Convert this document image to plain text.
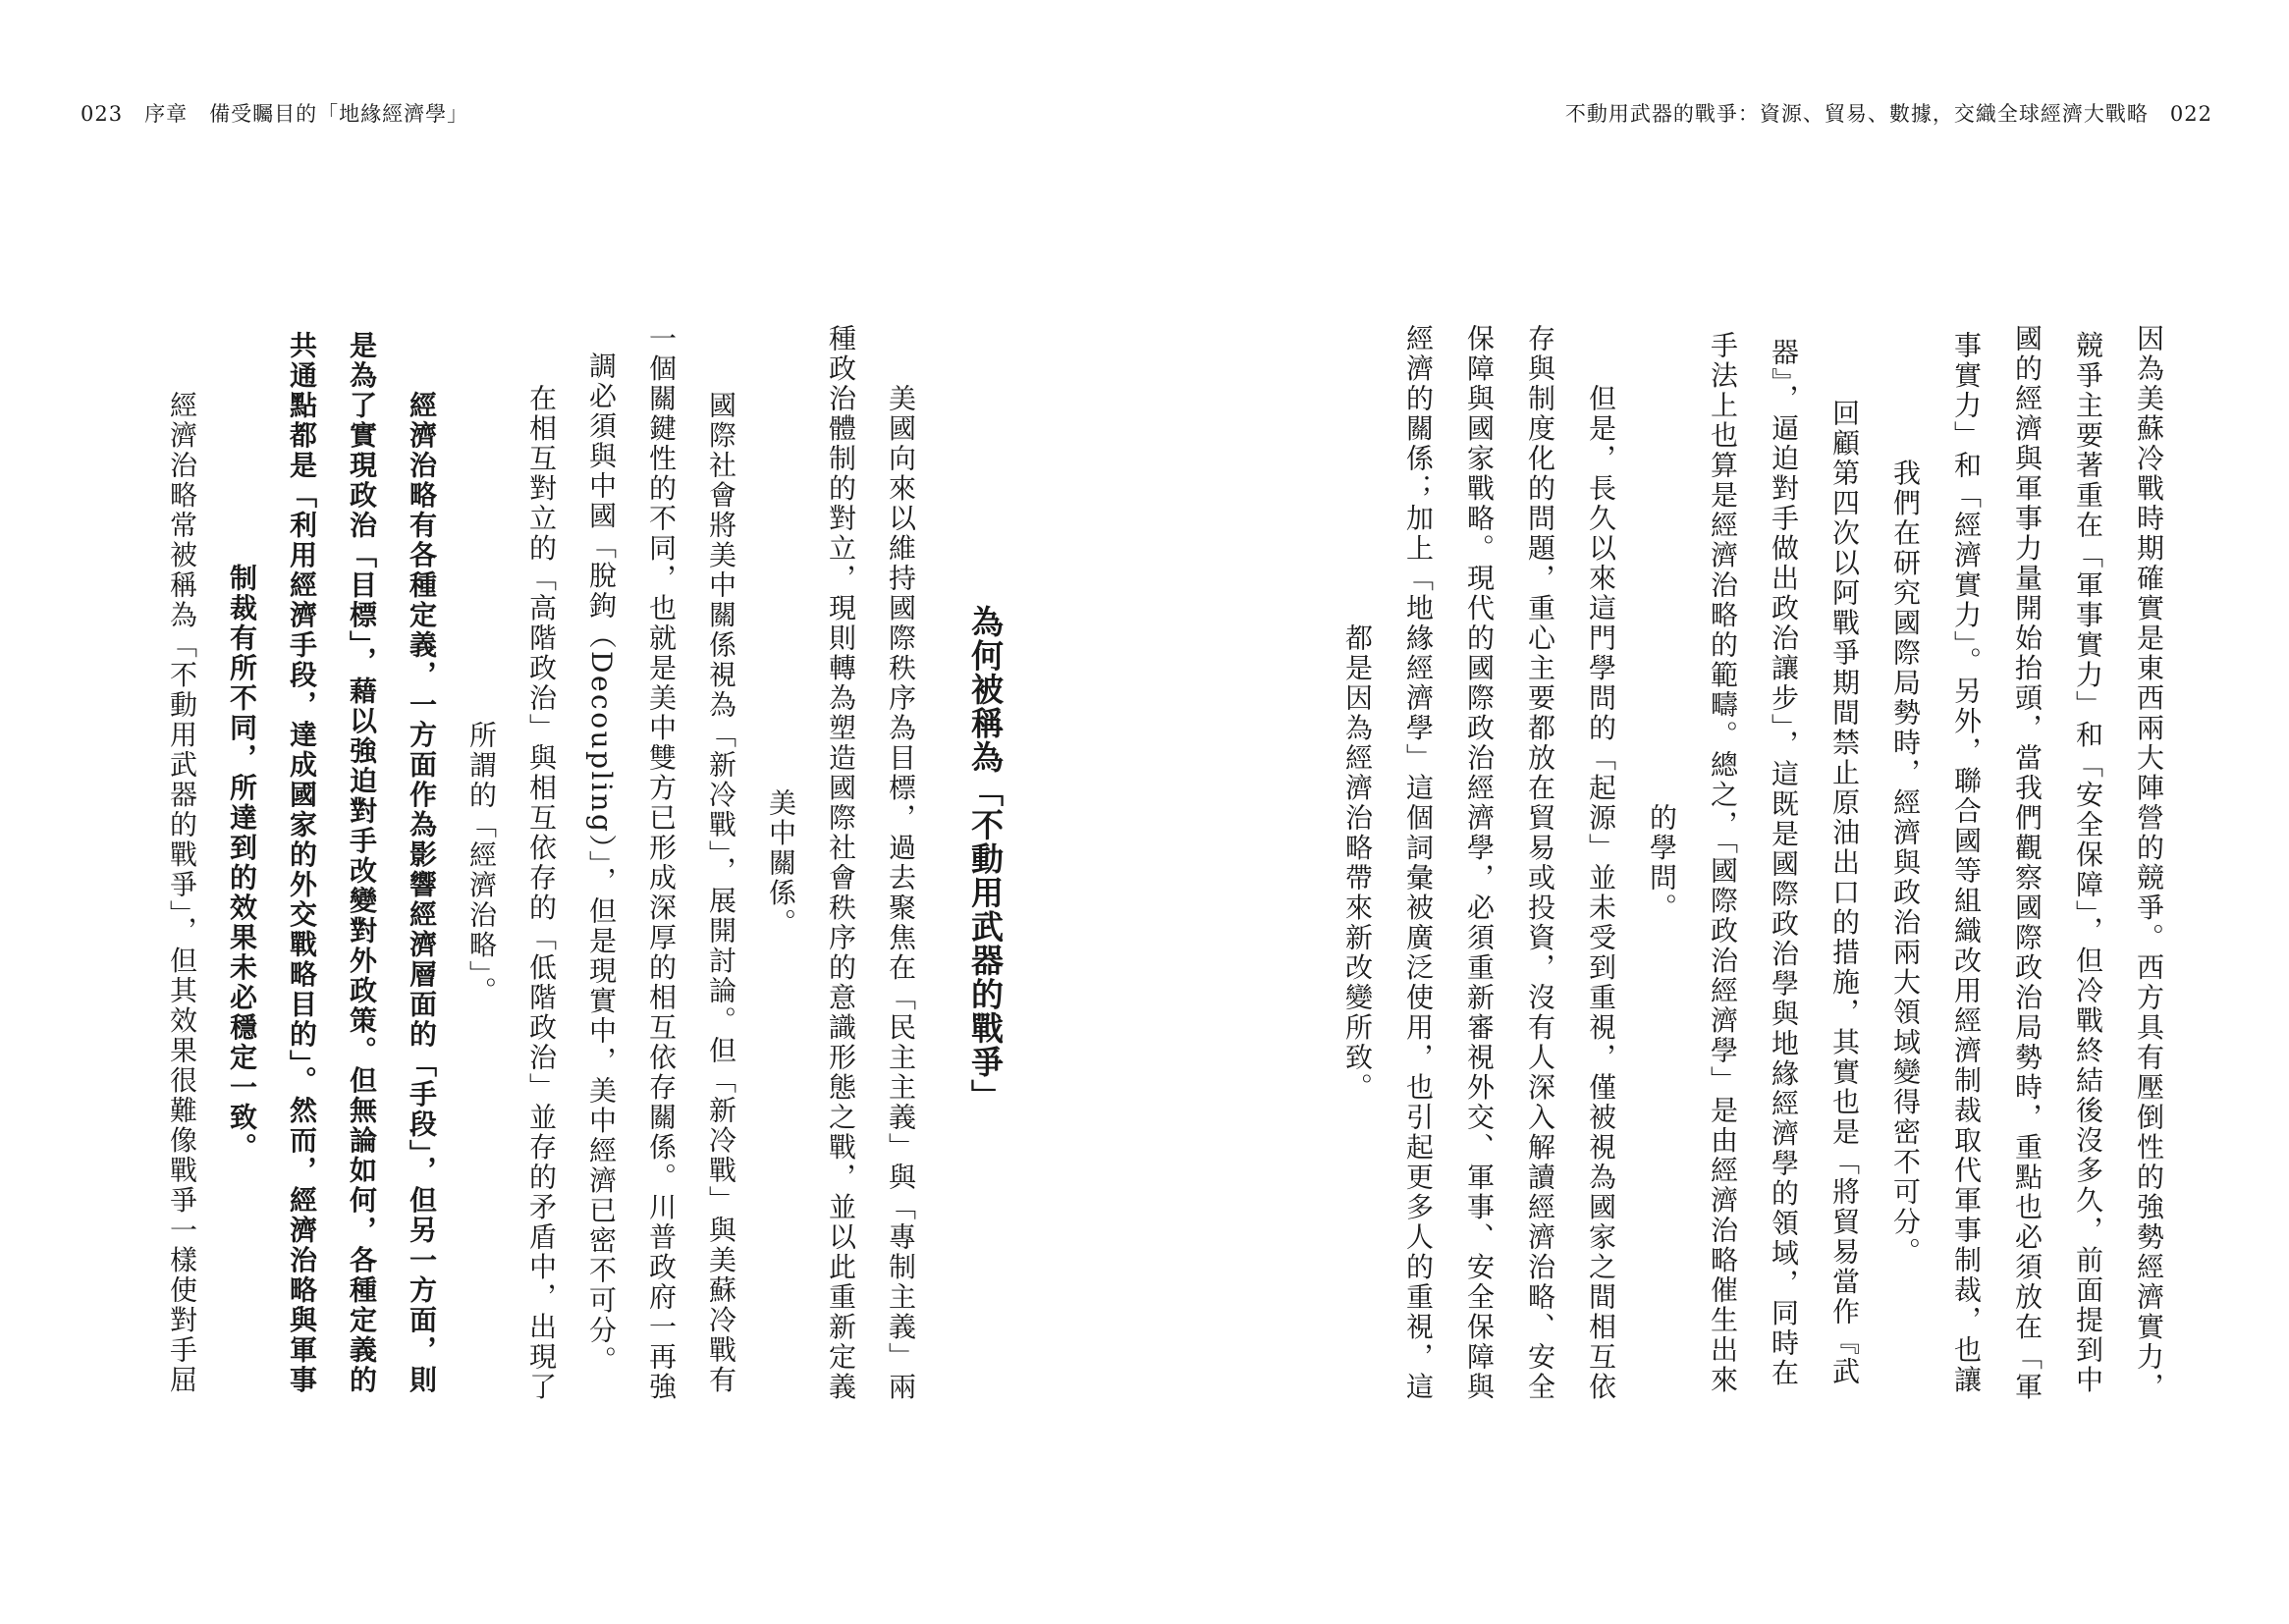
023　序章　備受矚目的「地緣經濟學」	不動用武器的戰爭：資源、貿易、數據，交織全球經濟大戰略　022
因為美蘇冷戰時期確實是東西兩大陣營的競爭。西方具有壓倒性的強勢經濟實力，
競爭主要著重在「軍事實力」和「安全保障」，但冷戰終結後沒多久，前面提到中
國的經濟與軍事力量開始抬頭，當我們觀察國際政治局勢時，重點也必須放在「軍
事實力」和「經濟實力」。另外，聯合國等組織改用經濟制裁取代軍事制裁，也讓
我們在研究國際局勢時，經濟與政治兩大領域變得密不可分。
回顧第四次以阿戰爭期間禁止原油出口的措施，其實也是「將貿易當作『武
器』，逼迫對手做出政治讓步」，這既是國際政治學與地緣經濟學的領域，同時在
手法上也算是經濟治略的範疇。總之，「國際政治經濟學」是由經濟治略催生出來
的學問。
但是，長久以來這門學問的「起源」並未受到重視，僅被視為國家之間相互依
存與制度化的問題，重心主要都放在貿易或投資，沒有人深入解讀經濟治略、安全
保障與國家戰略。現代的國際政治經濟學，必須重新審視外交、軍事、安全保障與
經濟的關係；加上「地緣經濟學」這個詞彙被廣泛使用，也引起更多人的重視，這
都是因為經濟治略帶來新改變所致。
為何被稱為「不動用武器的戰爭」
美國向來以維持國際秩序為目標，過去聚焦在「民主主義」與「專制主義」兩
種政治體制的對立，現則轉為塑造國際社會秩序的意識形態之戰，並以此重新定義
美中關係。
國際社會將美中關係視為「新冷戰」，展開討論。但「新冷戰」與美蘇冷戰有
一個關鍵性的不同，也就是美中雙方已形成深厚的相互依存關係。川普政府一再強
調必須與中國「脫鉤（Decoupling）」，但是現實中，美中經濟已密不可分。
在相互對立的「高階政治」與相互依存的「低階政治」並存的矛盾中，出現了
所謂的「經濟治略」。
經濟治略有各種定義，一方面作為影響經濟層面的「手段」，但另一方面，則
是為了實現政治「目標」，藉以強迫對手改變對外政策。但無論如何，各種定義的
共通點都是「利用經濟手段，達成國家的外交戰略目的」。然而，經濟治略與軍事
制裁有所不同，所達到的效果未必穩定一致。
經濟治略常被稱為「不動用武器的戰爭」，但其效果很難像戰爭一樣使對手屈
